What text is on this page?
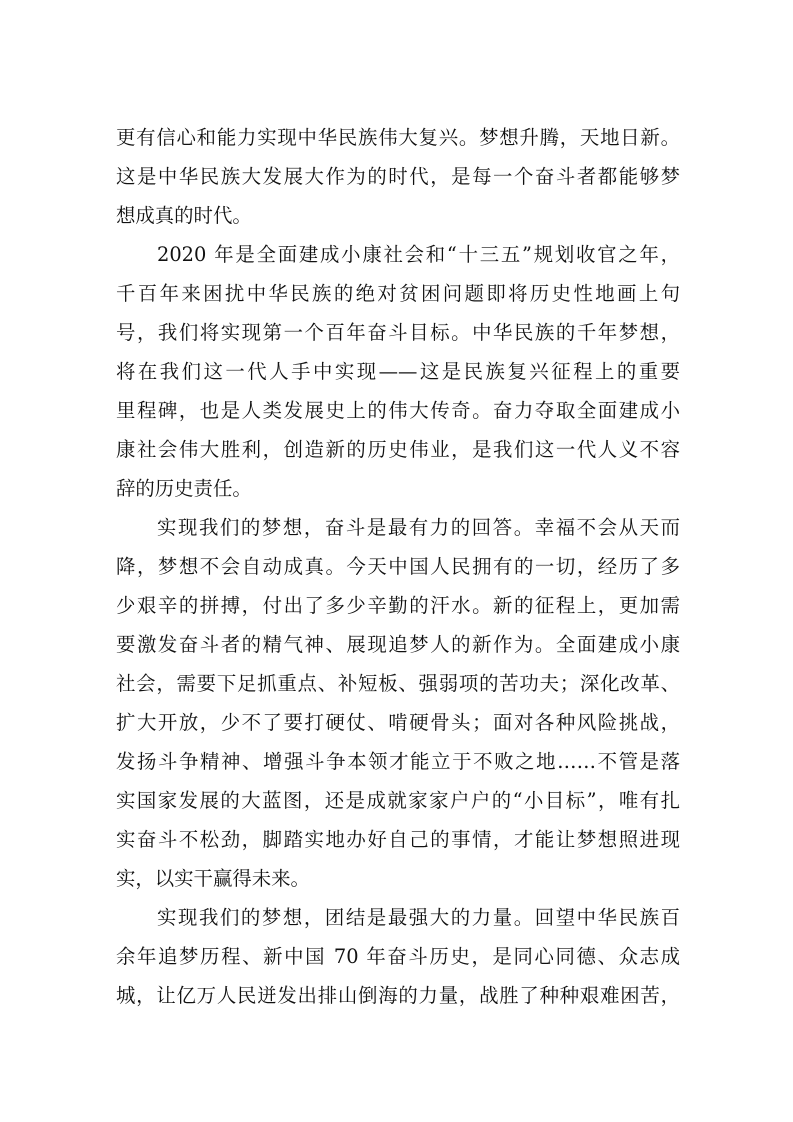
更有信心和能力实现中华民族伟大复兴。梦想升腾，天地日新。
这是中华民族大发展大作为的时代，是每一个奋斗者都能够梦
想成真的时代。
2020 年是全面建成小康社会和“十三五”规划收官之年，
千百年来困扰中华民族的绝对贫困问题即将历史性地画上句
号，我们将实现第一个百年奋斗目标。中华民族的千年梦想，
将在我们这一代人手中实现——这是民族复兴征程上的重要
里程碑，也是人类发展史上的伟大传奇。奋力夺取全面建成小
康社会伟大胜利，创造新的历史伟业，是我们这一代人义不容
辞的历史责任。
实现我们的梦想，奋斗是最有力的回答。幸福不会从天而
降，梦想不会自动成真。今天中国人民拥有的一切，经历了多
少艰辛的拼搏，付出了多少辛勤的汗水。新的征程上，更加需
要激发奋斗者的精气神、展现追梦人的新作为。全面建成小康
社会，需要下足抓重点、补短板、强弱项的苦功夫；深化改革、
扩大开放，少不了要打硬仗、啃硬骨头；面对各种风险挑战，
发扬斗争精神、增强斗争本领才能立于不败之地……不管是落
实国家发展的大蓝图，还是成就家家户户的“小目标”，唯有扎
实奋斗不松劲，脚踏实地办好自己的事情，才能让梦想照进现
实，以实干赢得未来。
实现我们的梦想，团结是最强大的力量。回望中华民族百
余年追梦历程、新中国 70 年奋斗历史，是同心同德、众志成
城，让亿万人民迸发出排山倒海的力量，战胜了种种艰难困苦，
